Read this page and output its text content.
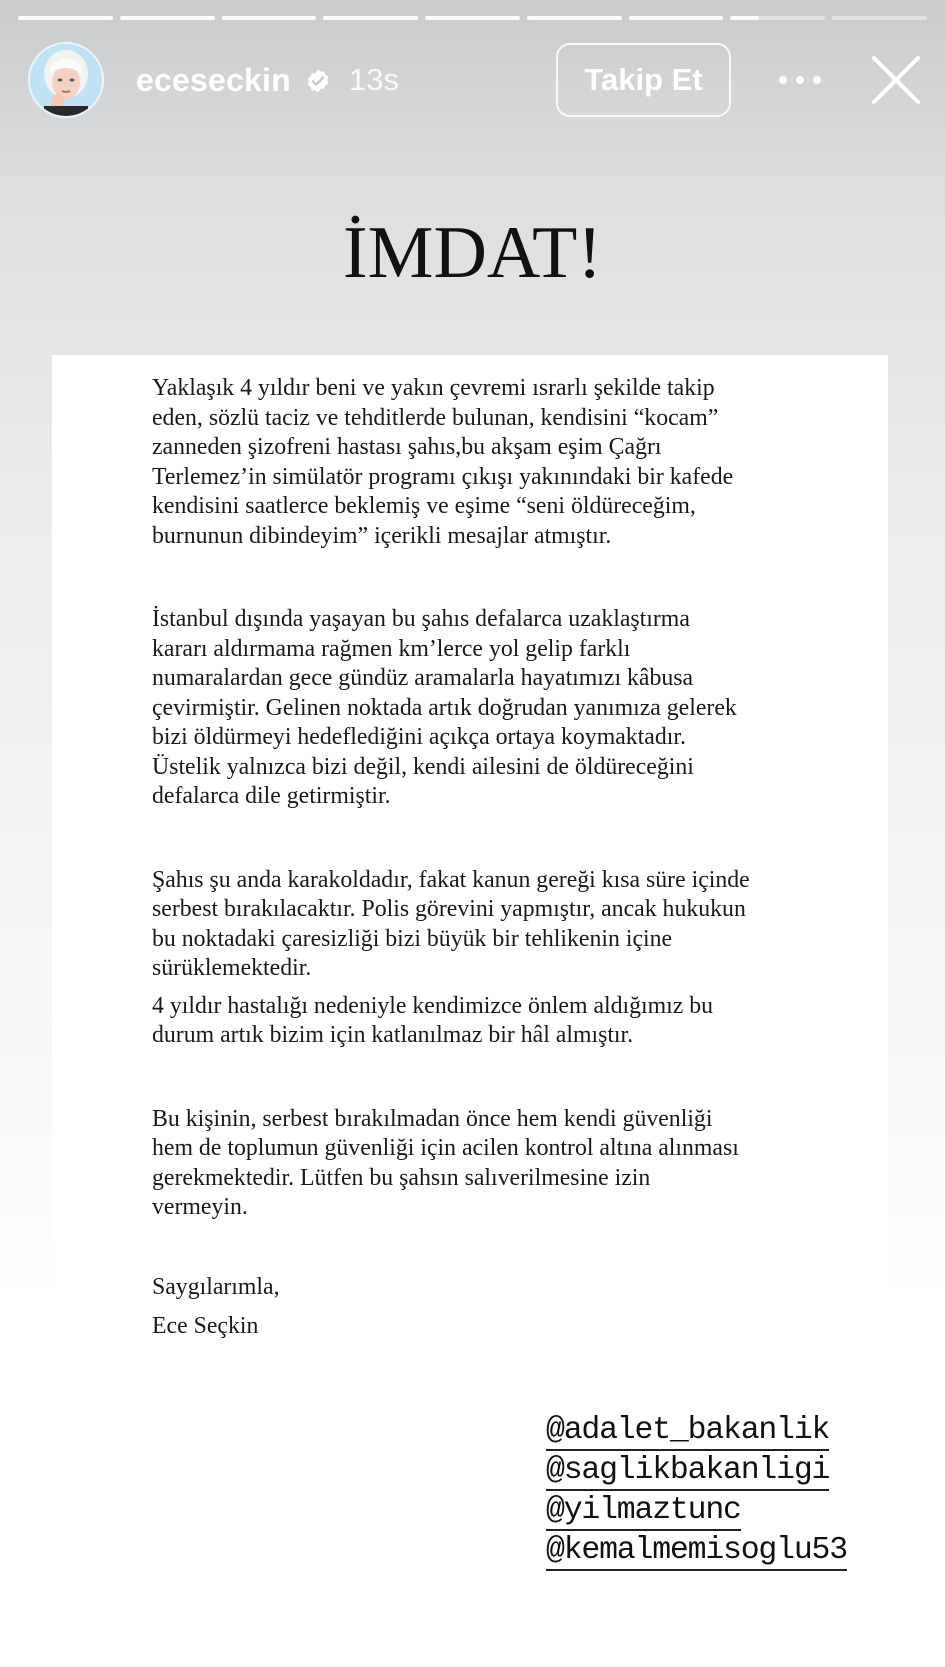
eceseckin 13s	Takip Et
İMDAT!

Yaklaşık 4 yıldır beni ve yakın çevremi ısrarlı şekilde takip
eden, sözlü taciz ve tehditlerde bulunan, kendisini “kocam”
zanneden şizofreni hastası şahıs,bu akşam eşim Çağrı
Terlemez’in simülatör programı çıkışı yakınındaki bir kafede
kendisini saatlerce beklemiş ve eşime “seni öldüreceğim,
burnunun dibindeyim” içerikli mesajlar atmıştır.

İstanbul dışında yaşayan bu şahıs defalarca uzaklaştırma
kararı aldırmama rağmen km’lerce yol gelip farklı
numaralardan gece gündüz aramalarla hayatımızı kâbusa
çevirmiştir. Gelinen noktada artık doğrudan yanımıza gelerek
bizi öldürmeyi hedeflediğini açıkça ortaya koymaktadır.
Üstelik yalnızca bizi değil, kendi ailesini de öldüreceğini
defalarca dile getirmiştir.

Şahıs şu anda karakoldadır, fakat kanun gereği kısa süre içinde
serbest bırakılacaktır. Polis görevini yapmıştır, ancak hukukun
bu noktadaki çaresizliği bizi büyük bir tehlikenin içine
sürüklemektedir.

4 yıldır hastalığı nedeniyle kendimizce önlem aldığımız bu
durum artık bizim için katlanılmaz bir hâl almıştır.

Bu kişinin, serbest bırakılmadan önce hem kendi güvenliği
hem de toplumun güvenliği için acilen kontrol altına alınması
gerekmektedir. Lütfen bu şahsın salıverilmesine izin
vermeyin.

Saygılarımla,

Ece Seçkin

@adalet_bakanlik
@saglikbakanligi
@yilmaztunc
@kemalmemisoglu53
